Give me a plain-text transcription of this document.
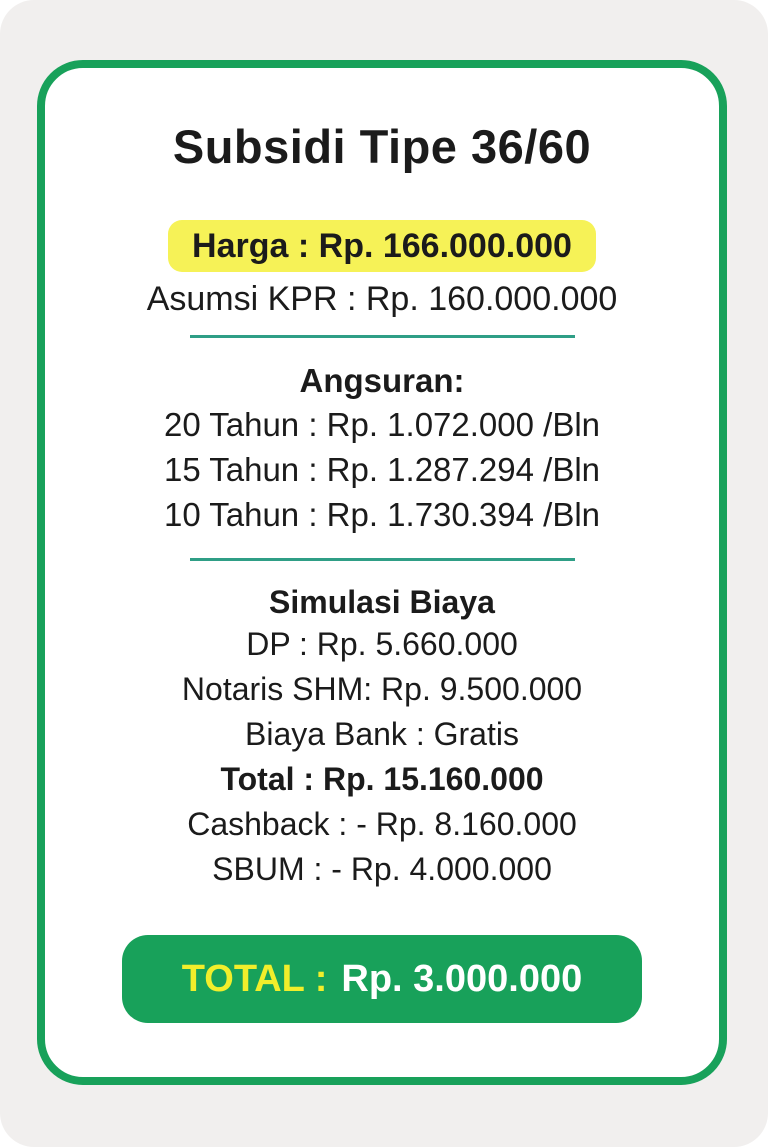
Subsidi Tipe 36/60
Harga : Rp. 166.000.000
Asumsi KPR : Rp. 160.000.000
Angsuran:
20 Tahun : Rp. 1.072.000 /Bln
15 Tahun : Rp. 1.287.294 /Bln
10 Tahun : Rp. 1.730.394 /Bln
Simulasi Biaya
DP : Rp. 5.660.000
Notaris SHM: Rp. 9.500.000
Biaya Bank : Gratis
Total : Rp. 15.160.000
Cashback : - Rp. 8.160.000
SBUM : - Rp. 4.000.000
TOTAL : Rp. 3.000.000
